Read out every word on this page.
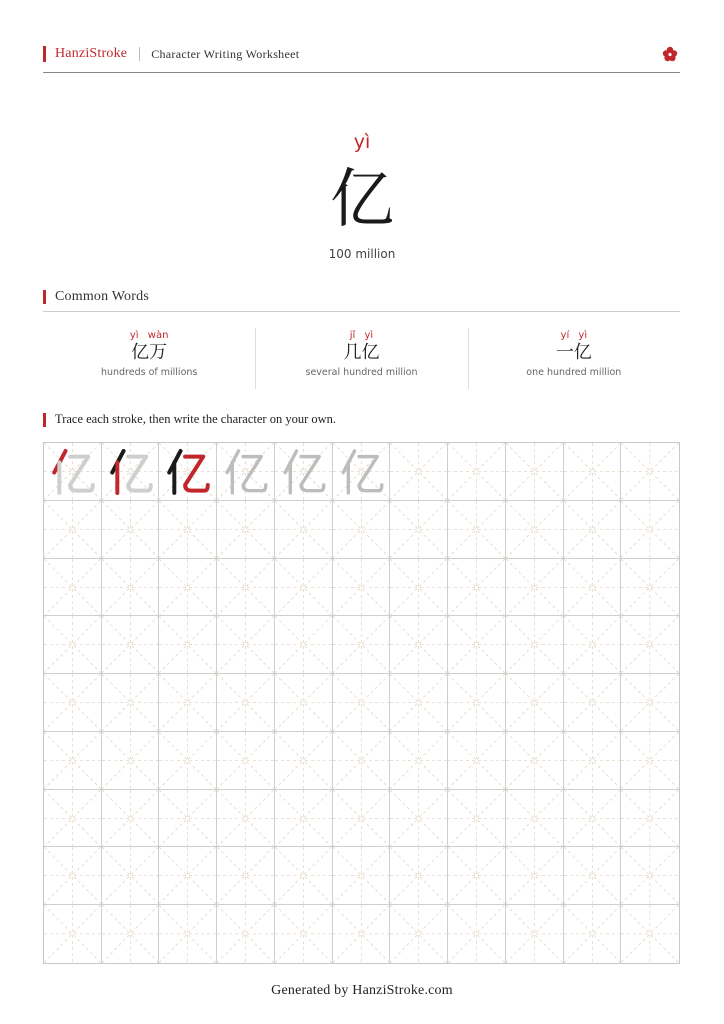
HanziStroke Character Writing Worksheet
yì
亿
100 million
Common Words
yì wàn
亿万
hundreds of millions
jǐ yì
几亿
several hundred million
yí yì
一亿
one hundred million
Trace each stroke, then write the character on your own.
Generated by HanziStroke.com
